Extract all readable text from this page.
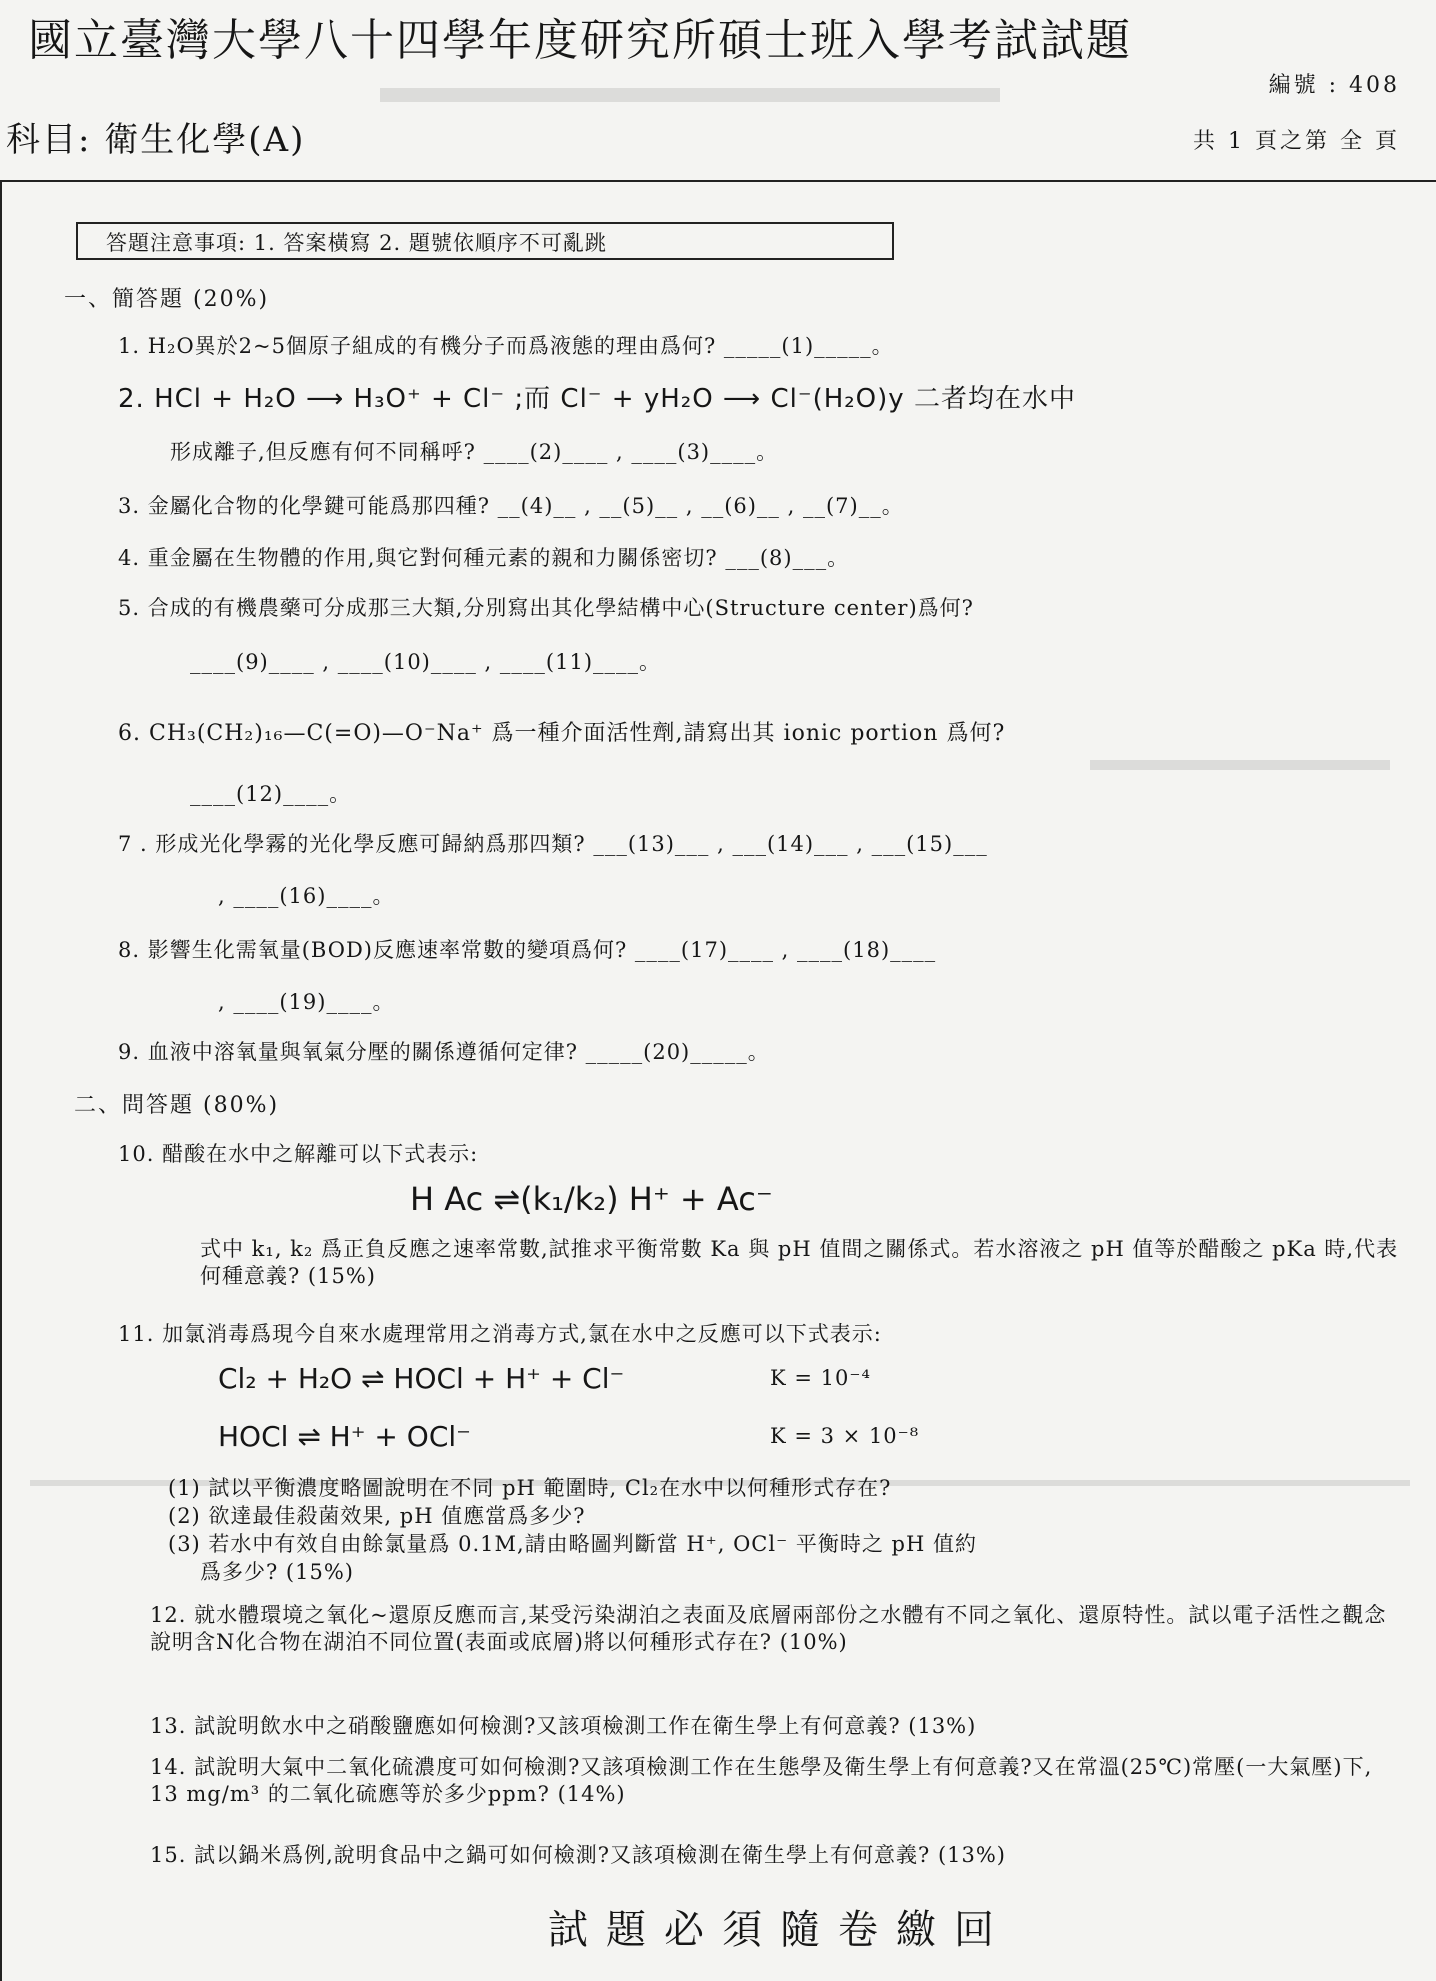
國立臺灣大學八十四學年度研究所碩士班入學考試試題
編號 : 408
科目: 衛生化學(A)	共 1 頁之第 全 頁
答題注意事項: 1. 答案橫寫 2. 題號依順序不可亂跳
一、簡答題 (20%)
1. H₂O異於2~5個原子組成的有機分子而爲液態的理由爲何? _____(1)_____。
2. HCl + H₂O ⟶ H₃O⁺ + Cl⁻ ;而 Cl⁻ + yH₂O ⟶ Cl⁻(H₂O)y 二者均在水中
形成離子,但反應有何不同稱呼? ____(2)____ , ____(3)____。
3. 金屬化合物的化學鍵可能爲那四種? __(4)__ , __(5)__ , __(6)__ , __(7)__。
4. 重金屬在生物體的作用,與它對何種元素的親和力關係密切? ___(8)___。
5. 合成的有機農藥可分成那三大類,分別寫出其化學結構中心(Structure center)爲何?
____(9)____ , ____(10)____ , ____(11)____。
6. CH₃(CH₂)₁₆—C(=O)—O⁻Na⁺ 爲一種介面活性劑,請寫出其 ionic portion 爲何?
____(12)____。
7 . 形成光化學霧的光化學反應可歸納爲那四類? ___(13)___ , ___(14)___ , ___(15)___
, ____(16)____。
8. 影響生化需氧量(BOD)反應速率常數的變項爲何? ____(17)____ , ____(18)____
, ____(19)____。
9. 血液中溶氧量與氧氣分壓的關係遵循何定律? _____(20)_____。
二、問答題 (80%)
10. 醋酸在水中之解離可以下式表示:
H Ac ⇌(k₁/k₂) H⁺ + Ac⁻
式中 k₁, k₂ 爲正負反應之速率常數,試推求平衡常數 Ka 與 pH 值間之關係式。若水溶液之 pH 值等於醋酸之 pKa 時,代表何種意義? (15%)
11. 加氯消毒爲現今自來水處理常用之消毒方式,氯在水中之反應可以下式表示:
Cl₂ + H₂O ⇌ HOCl + H⁺ + Cl⁻	K = 10⁻⁴
HOCl ⇌ H⁺ + OCl⁻	K = 3 × 10⁻⁸
(1) 試以平衡濃度略圖說明在不同 pH 範圍時, Cl₂在水中以何種形式存在?
(2) 欲達最佳殺菌效果, pH 值應當爲多少?
(3) 若水中有效自由餘氯量爲 0.1M,請由略圖判斷當 H⁺, OCl⁻ 平衡時之 pH 值約
爲多少? (15%)
12. 就水體環境之氧化~還原反應而言,某受污染湖泊之表面及底層兩部份之水體有不同之氧化、還原特性。試以電子活性之觀念說明含N化合物在湖泊不同位置(表面或底層)將以何種形式存在? (10%)
13. 試說明飲水中之硝酸鹽應如何檢測?又該項檢測工作在衛生學上有何意義? (13%)
14. 試說明大氣中二氧化硫濃度可如何檢測?又該項檢測工作在生態學及衛生學上有何意義?又在常溫(25℃)常壓(一大氣壓)下, 13 mg/m³ 的二氧化硫應等於多少ppm? (14%)
15. 試以鍋米爲例,說明食品中之鍋可如何檢測?又該項檢測在衛生學上有何意義? (13%)
試題必須隨卷繳回
